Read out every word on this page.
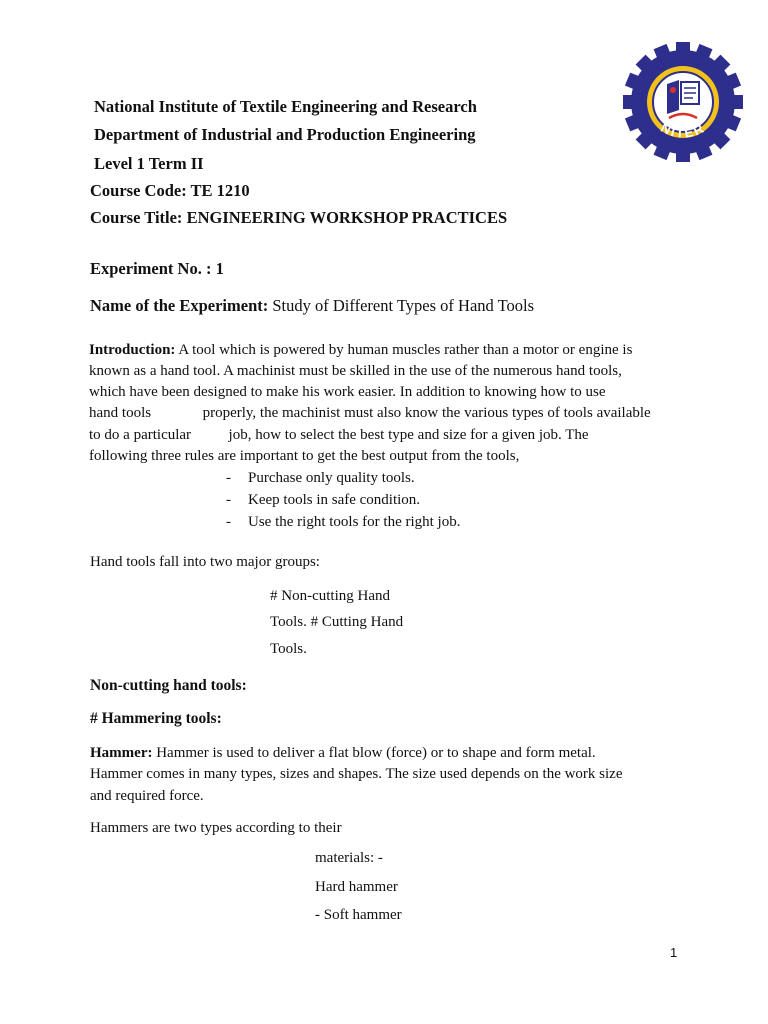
NITER
National Institute of Textile Engineering and Research
Department of Industrial and Production Engineering
Level 1 Term II
Course Code: TE 1210
Course Title: ENGINEERING WORKSHOP PRACTICES
Experiment No. : 1
Name of the Experiment: Study of Different Types of Hand Tools
Introduction: A tool which is powered by human muscles rather than a motor or engine is
known as a hand tool. A machinist must be skilled in the use of the numerous hand tools,
which have been designed to make his work easier. In addition to knowing how to use
hand tools	properly, the machinist must also know the various types of tools available
to do a particular	job, how to select the best type and size for a given job. The
following three rules are important to get the best output from the tools,
- Purchase only quality tools.
- Keep tools in safe condition.
- Use the right tools for the right job.
Hand tools fall into two major groups:
# Non-cutting Hand
Tools. # Cutting Hand
Tools.
Non-cutting hand tools:
# Hammering tools:
Hammer: Hammer is used to deliver a flat blow (force) or to shape and form metal.
Hammer comes in many types, sizes and shapes. The size used depends on the work size
and required force.
Hammers are two types according to their
materials: -
Hard hammer
- Soft hammer
1
